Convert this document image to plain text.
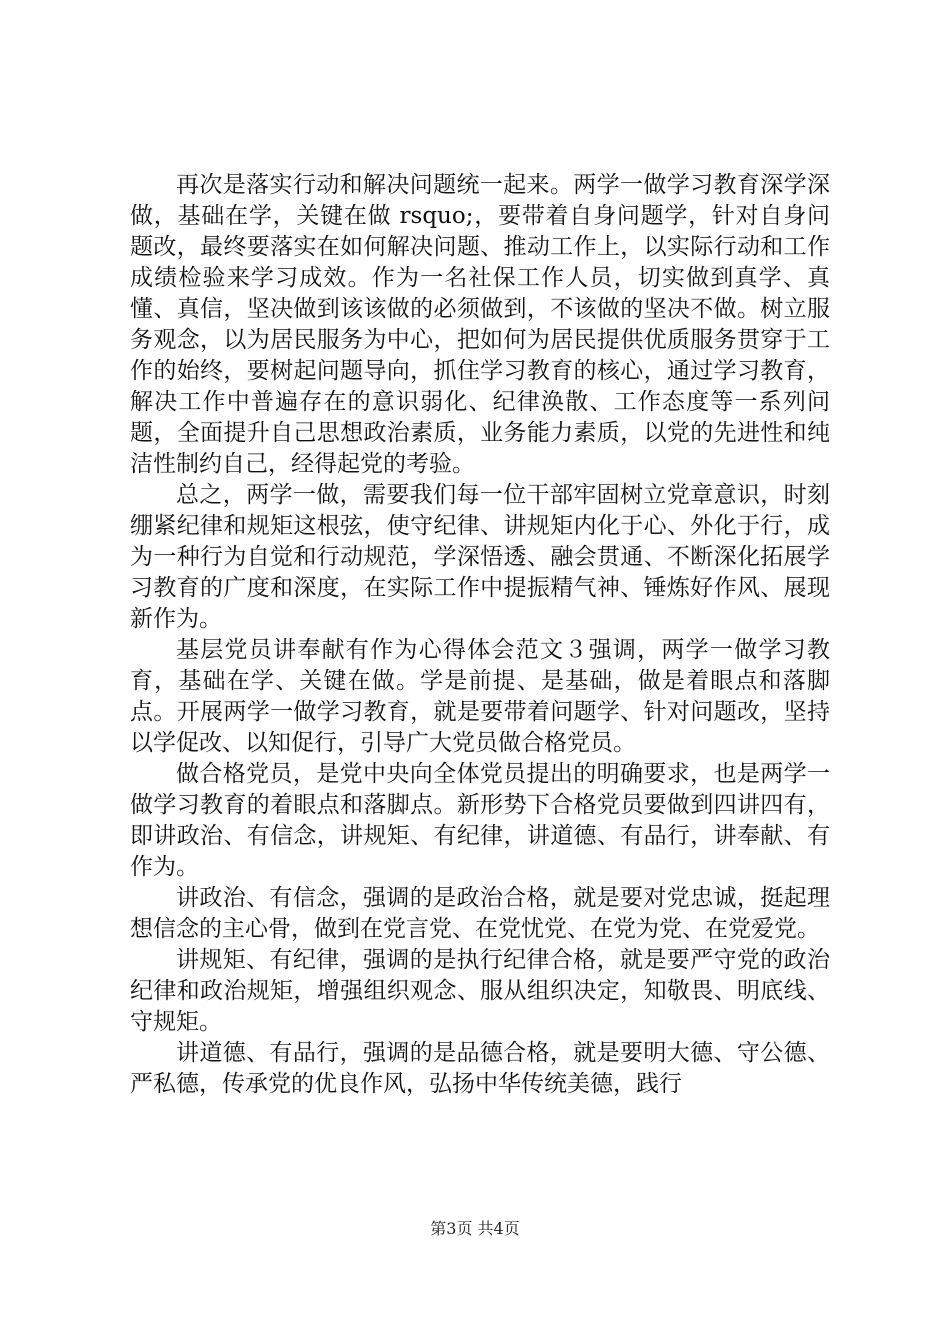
再次是落实行动和解决问题统一起来。两学一做学习教育深学深做，基础在学，关键在做 rsquo;，要带着自身问题学，针对自身问题改，最终要落实在如何解决问题、推动工作上，以实际行动和工作成绩检验来学习成效。作为一名社保工作人员，切实做到真学、真懂、真信，坚决做到该该做的必须做到，不该做的坚决不做。树立服务观念，以为居民服务为中心，把如何为居民提供优质服务贯穿于工作的始终，要树起问题导向，抓住学习教育的核心，通过学习教育，解决工作中普遍存在的意识弱化、纪律涣散、工作态度等一系列问题，全面提升自己思想政治素质，业务能力素质，以党的先进性和纯洁性制约自己，经得起党的考验。

总之，两学一做，需要我们每一位干部牢固树立党章意识，时刻绷紧纪律和规矩这根弦，使守纪律、讲规矩内化于心、外化于行，成为一种行为自觉和行动规范，学深悟透、融会贯通、不断深化拓展学习教育的广度和深度，在实际工作中提振精气神、锤炼好作风、展现新作为。

基层党员讲奉献有作为心得体会范文３强调，两学一做学习教育，基础在学、关键在做。学是前提、是基础，做是着眼点和落脚点。开展两学一做学习教育，就是要带着问题学、针对问题改，坚持以学促改、以知促行，引导广大党员做合格党员。

做合格党员，是党中央向全体党员提出的明确要求，也是两学一做学习教育的着眼点和落脚点。新形势下合格党员要做到四讲四有，即讲政治、有信念，讲规矩、有纪律，讲道德、有品行，讲奉献、有作为。

讲政治、有信念，强调的是政治合格，就是要对党忠诚，挺起理想信念的主心骨，做到在党言党、在党忧党、在党为党、在党爱党。

讲规矩、有纪律，强调的是执行纪律合格，就是要严守党的政治纪律和政治规矩，增强组织观念、服从组织决定，知敬畏、明底线、守规矩。

讲道德、有品行，强调的是品德合格，就是要明大德、守公德、严私德，传承党的优良作风，弘扬中华传统美德，践行

第3页 共4页
